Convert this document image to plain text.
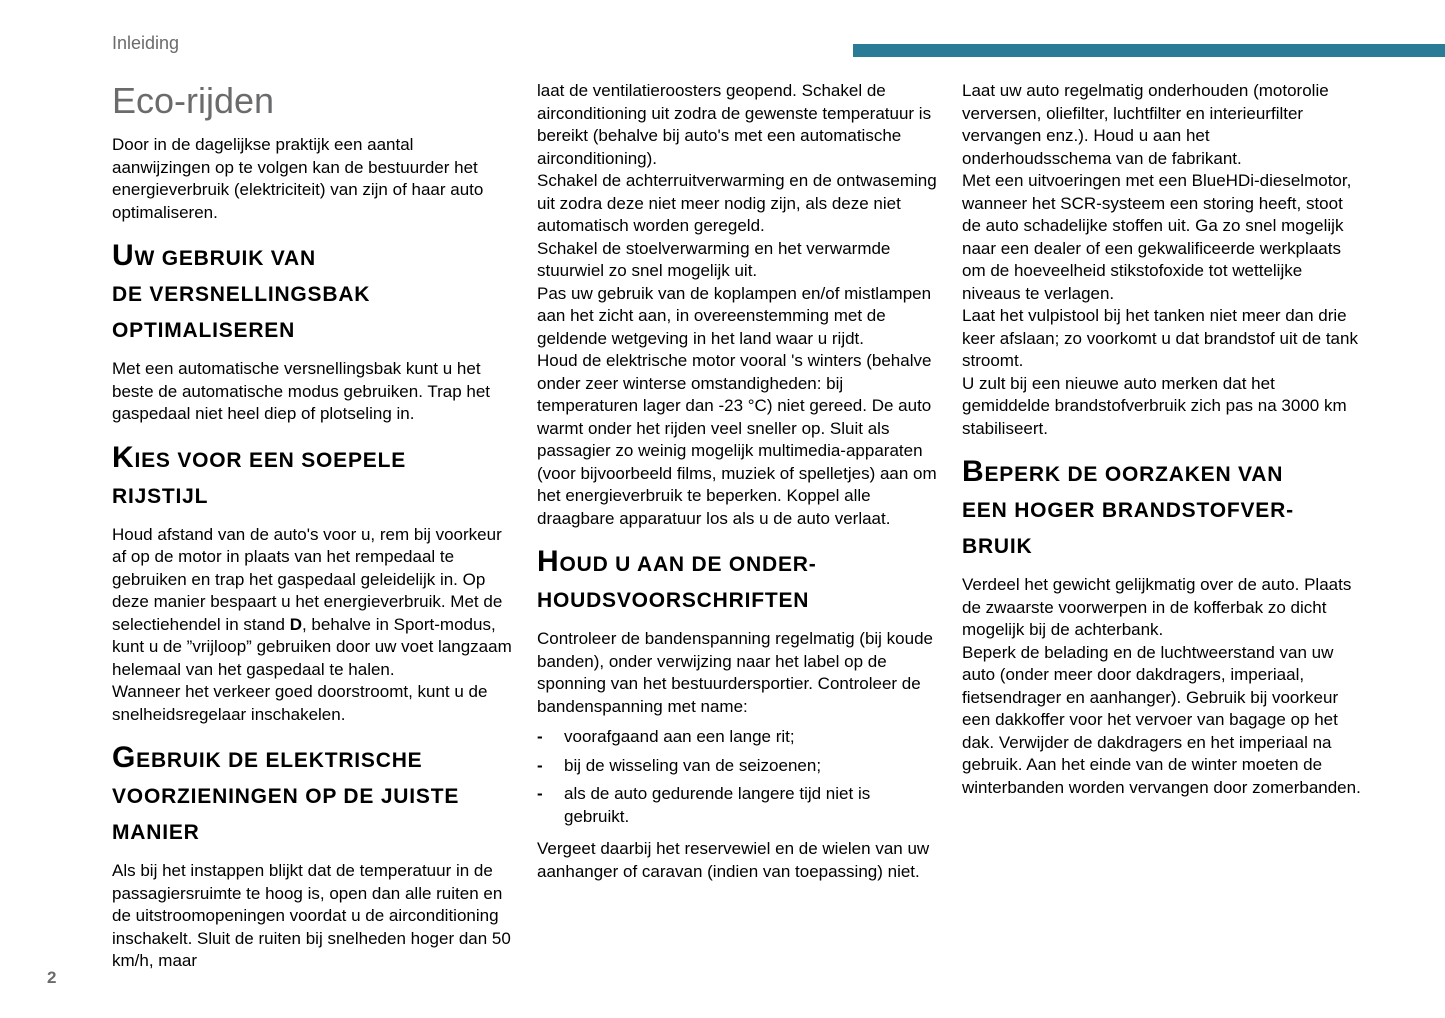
Inleiding
Eco-rijden

Door in de dagelijkse praktijk een aantal aanwijzingen op te volgen kan de bestuurder het energieverbruik (elektriciteit) van zijn of haar auto optimaliseren.

UW GEBRUIK VAN
DE VERSNELLINGSBAK
OPTIMALISEREN

Met een automatische versnellingsbak kunt u het beste de automatische modus gebruiken. Trap het gaspedaal niet heel diep of plotseling in.

KIES VOOR EEN SOEPELE
RIJSTIJL

Houd afstand van de auto's voor u, rem bij voorkeur af op de motor in plaats van het rempedaal te gebruiken en trap het gaspedaal geleidelijk in. Op deze manier bespaart u het energieverbruik. Met de selectiehendel in stand D, behalve in Sport-modus, kunt u de ”vrijloop” gebruiken door uw voet langzaam helemaal van het gaspedaal te halen.

Wanneer het verkeer goed doorstroomt, kunt u de snelheidsregelaar inschakelen.

GEBRUIK DE ELEKTRISCHE
VOORZIENINGEN OP DE JUISTE
MANIER

Als bij het instappen blijkt dat de temperatuur in de passagiersruimte te hoog is, open dan alle ruiten en de uitstroomopeningen voordat u de airconditioning inschakelt. Sluit de ruiten bij snelheden hoger dan 50 km/h, maar

laat de ventilatieroosters geopend. Schakel de airconditioning uit zodra de gewenste temperatuur is bereikt (behalve bij auto's met een automatische airconditioning).

Schakel de achterruitverwarming en de ontwaseming uit zodra deze niet meer nodig zijn, als deze niet automatisch worden geregeld.

Schakel de stoelverwarming en het verwarmde stuurwiel zo snel mogelijk uit.

Pas uw gebruik van de koplampen en/of mistlampen aan het zicht aan, in overeenstemming met de geldende wetgeving in het land waar u rijdt.

Houd de elektrische motor vooral 's winters (behalve onder zeer winterse omstandigheden: bij temperaturen lager dan -23 °C) niet gereed. De auto warmt onder het rijden veel sneller op. Sluit als passagier zo weinig mogelijk multimedia-apparaten (voor bijvoorbeeld films, muziek of spelletjes) aan om het energieverbruik te beperken. Koppel alle draagbare apparatuur los als u de auto verlaat.

HOUD U AAN DE ONDER-
HOUDSVOORSCHRIFTEN

Controleer de bandenspanning regelmatig (bij koude banden), onder verwijzing naar het label op de sponning van het bestuurdersportier. Controleer de bandenspanning met name:

-	voorafgaand aan een lange rit;
-	bij de wisseling van de seizoenen;
-	als de auto gedurende langere tijd niet is gebruikt.

Vergeet daarbij het reservewiel en de wielen van uw aanhanger of caravan (indien van toepassing) niet.

Laat uw auto regelmatig onderhouden (motorolie verversen, oliefilter, luchtfilter en interieurfilter vervangen enz.). Houd u aan het onderhoudsschema van de fabrikant.

Met een uitvoeringen met een BlueHDi-dieselmotor, wanneer het SCR-systeem een storing heeft, stoot de auto schadelijke stoffen uit. Ga zo snel mogelijk naar een dealer of een gekwalificeerde werkplaats om de hoeveelheid stikstofoxide tot wettelijke niveaus te verlagen.

Laat het vulpistool bij het tanken niet meer dan drie keer afslaan; zo voorkomt u dat brandstof uit de tank stroomt.

U zult bij een nieuwe auto merken dat het gemiddelde brandstofverbruik zich pas na 3000 km stabiliseert.

BEPERK DE OORZAKEN VAN
EEN HOGER BRANDSTOFVER-
BRUIK

Verdeel het gewicht gelijkmatig over de auto. Plaats de zwaarste voorwerpen in de kofferbak zo dicht mogelijk bij de achterbank.

Beperk de belading en de luchtweerstand van uw auto (onder meer door dakdragers, imperiaal, fietsendrager en aanhanger). Gebruik bij voorkeur een dakkoffer voor het vervoer van bagage op het dak. Verwijder de dakdragers en het imperiaal na gebruik. Aan het einde van de winter moeten de winterbanden worden vervangen door zomerbanden.

2
